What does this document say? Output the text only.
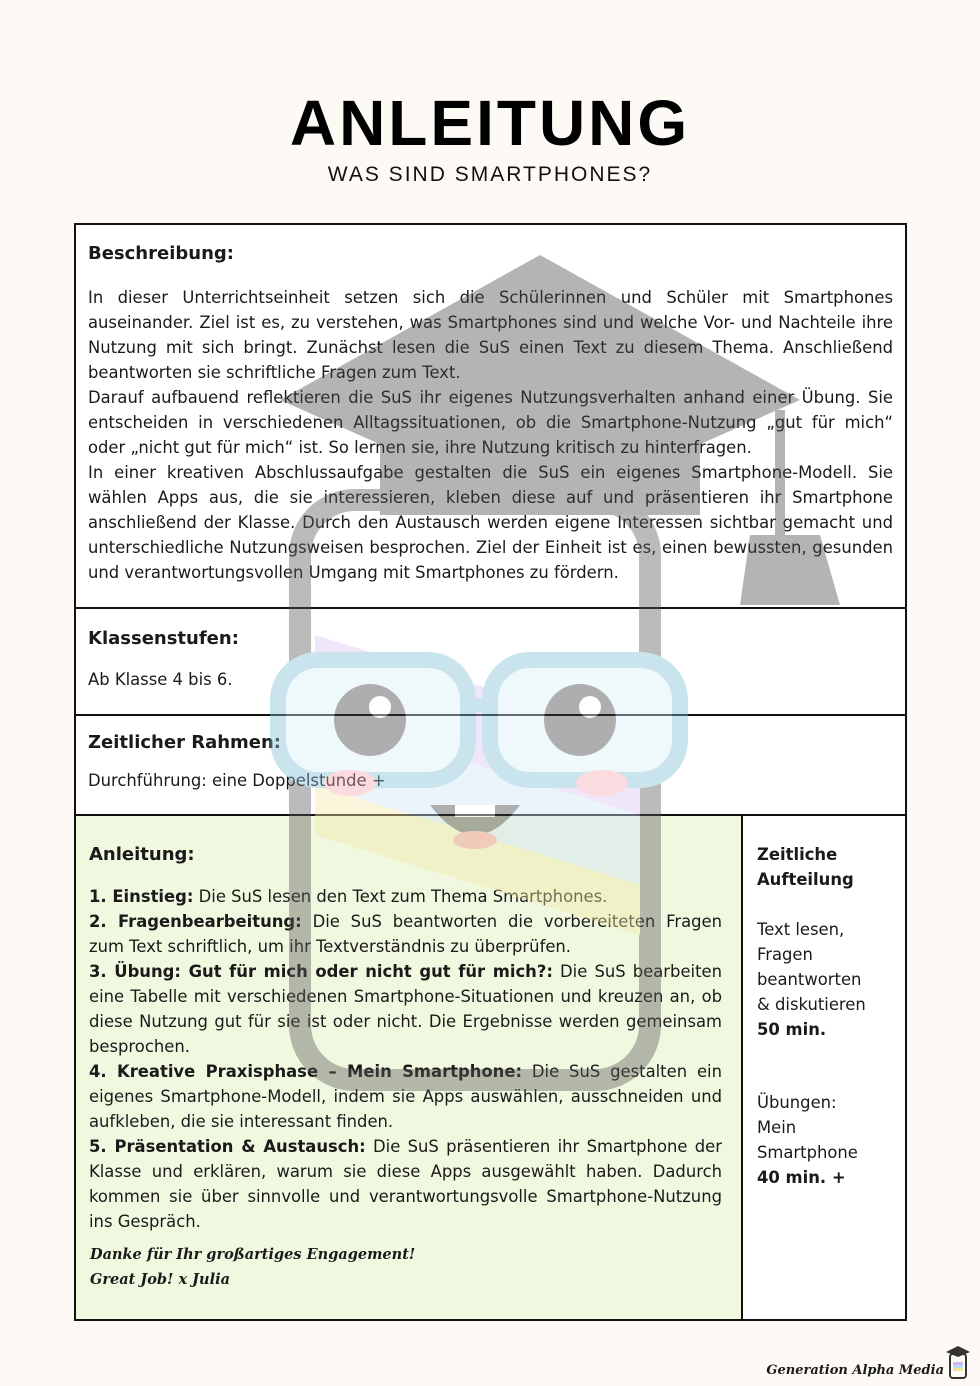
ANLEITUNG
WAS SIND SMARTPHONES?
Beschreibung:

In dieser Unterrichtseinheit setzen sich die Schülerinnen und Schüler mit Smartphones auseinander. Ziel ist es, zu verstehen, was Smartphones sind und welche Vor- und Nachteile ihre Nutzung mit sich bringt. Zunächst lesen die SuS einen Text zu diesem Thema. Anschließend beantworten sie schriftliche Fragen zum Text.

Darauf aufbauend reflektieren die SuS ihr eigenes Nutzungsverhalten anhand einer Übung. Sie entscheiden in verschiedenen Alltagssituationen, ob die Smartphone-Nutzung „gut für mich“ oder „nicht gut für mich“ ist. So lernen sie, ihre Nutzung kritisch zu hinterfragen.

In einer kreativen Abschlussaufgabe gestalten die SuS ein eigenes Smartphone-Modell. Sie wählen Apps aus, die sie interessieren, kleben diese auf und präsentieren ihr Smartphone anschließend der Klasse. Durch den Austausch werden eigene Interessen sichtbar gemacht und unterschiedliche Nutzungsweisen besprochen. Ziel der Einheit ist es, einen bewussten, gesunden und verantwortungsvollen Umgang mit Smartphones zu fördern.

Klassenstufen:
Ab Klasse 4 bis 6.
Zeitlicher Rahmen:
Durchführung: eine Doppelstunde +
Anleitung:

1. Einstieg: Die SuS lesen den Text zum Thema Smartphones.

2. Fragenbearbeitung: Die SuS beantworten die vorbereiteten Fragen zum Text schriftlich, um ihr Textverständnis zu überprüfen.

3. Übung: Gut für mich oder nicht gut für mich?: Die SuS bearbeiten eine Tabelle mit verschiedenen Smartphone-Situationen und kreuzen an, ob diese Nutzung gut für sie ist oder nicht. Die Ergebnisse werden gemeinsam besprochen.

4. Kreative Praxisphase – Mein Smartphone: Die SuS gestalten ein eigenes Smartphone-Modell, indem sie Apps auswählen, ausschneiden und aufkleben, die sie interessant finden.

5. Präsentation & Austausch: Die SuS präsentieren ihr Smartphone der Klasse und erklären, warum sie diese Apps ausgewählt haben. Dadurch kommen sie über sinnvolle und verantwortungsvolle Smartphone-Nutzung ins Gespräch.

Danke für Ihr großartiges Engagement!
Great Job! x Julia
Zeitliche
Aufteilung
Text lesen,
Fragen
beantworten
& diskutieren
50 min.
Übungen:
Mein
Smartphone
40 min. +
Generation Alpha Media
